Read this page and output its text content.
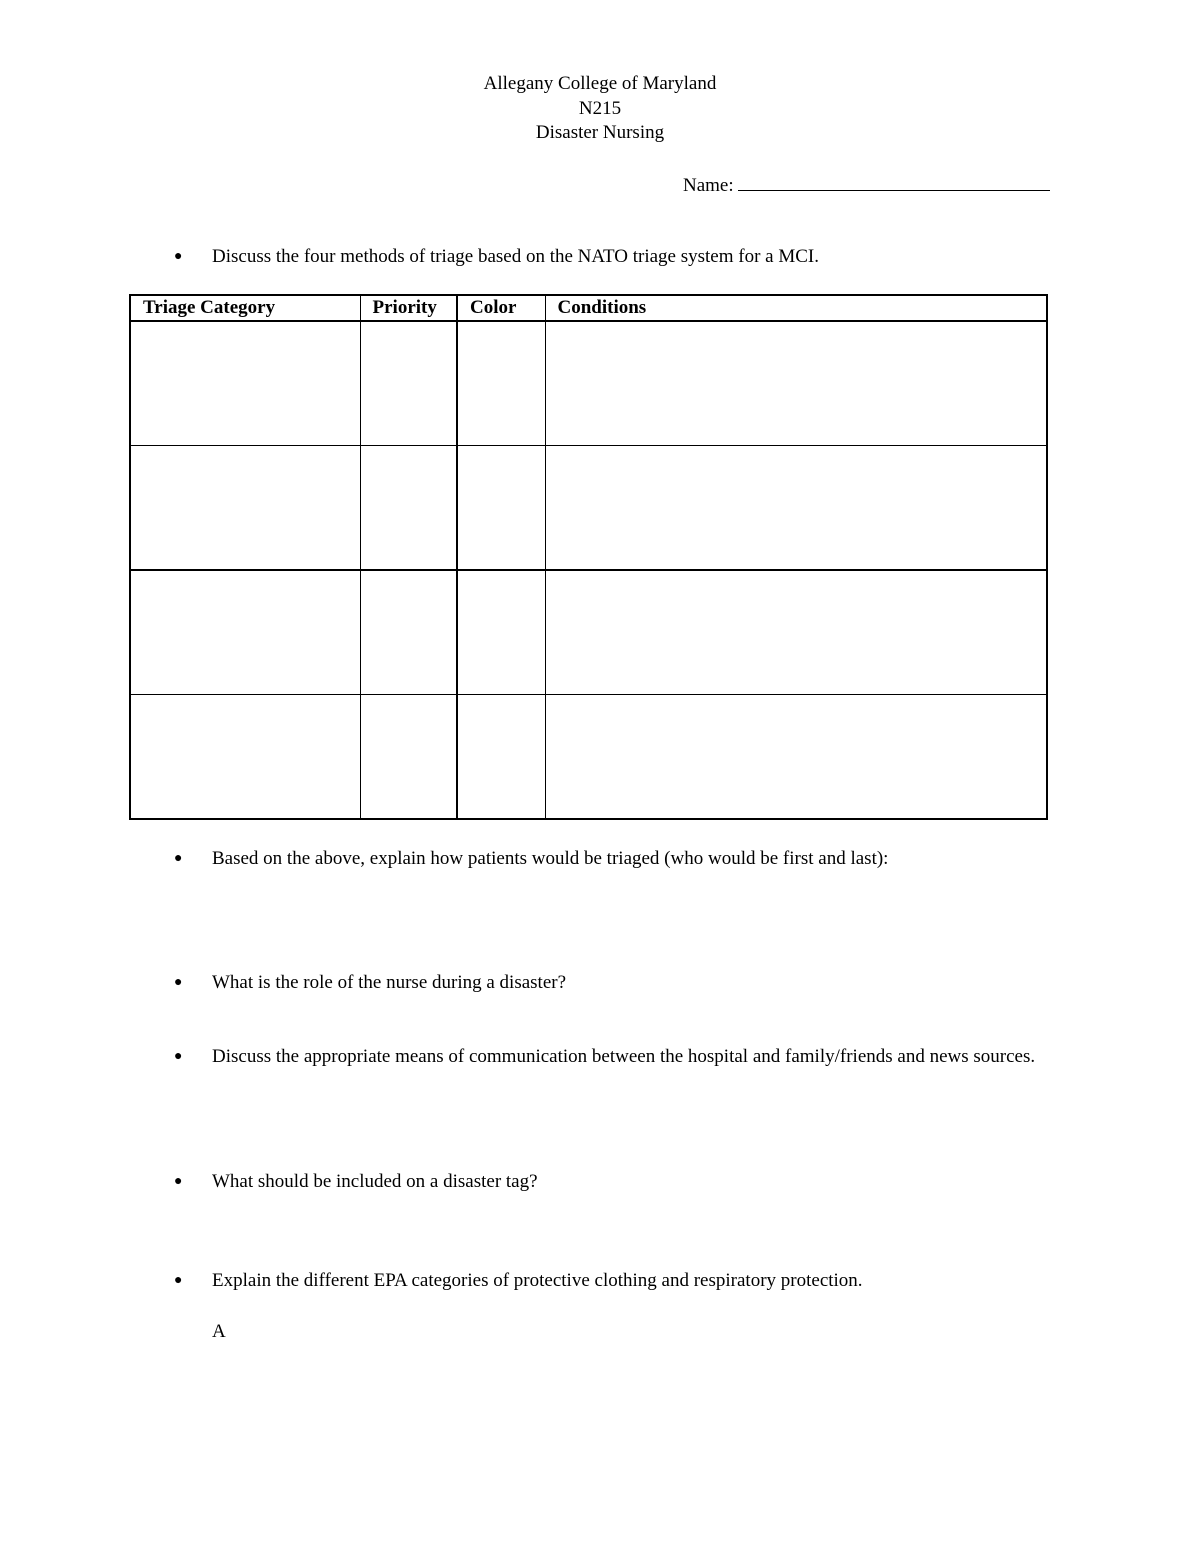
Allegany College of Maryland
N215
Disaster Nursing
Name:
● Discuss the four methods of triage based on the NATO triage system for a MCI.
Triage Category	Priority	Color	Conditions

● Based on the above, explain how patients would be triaged (who would be first and last):
● What is the role of the nurse during a disaster?
● Discuss the appropriate means of communication between the hospital and family/friends and news sources.
● What should be included on a disaster tag?
● Explain the different EPA categories of protective clothing and respiratory protection.
A
